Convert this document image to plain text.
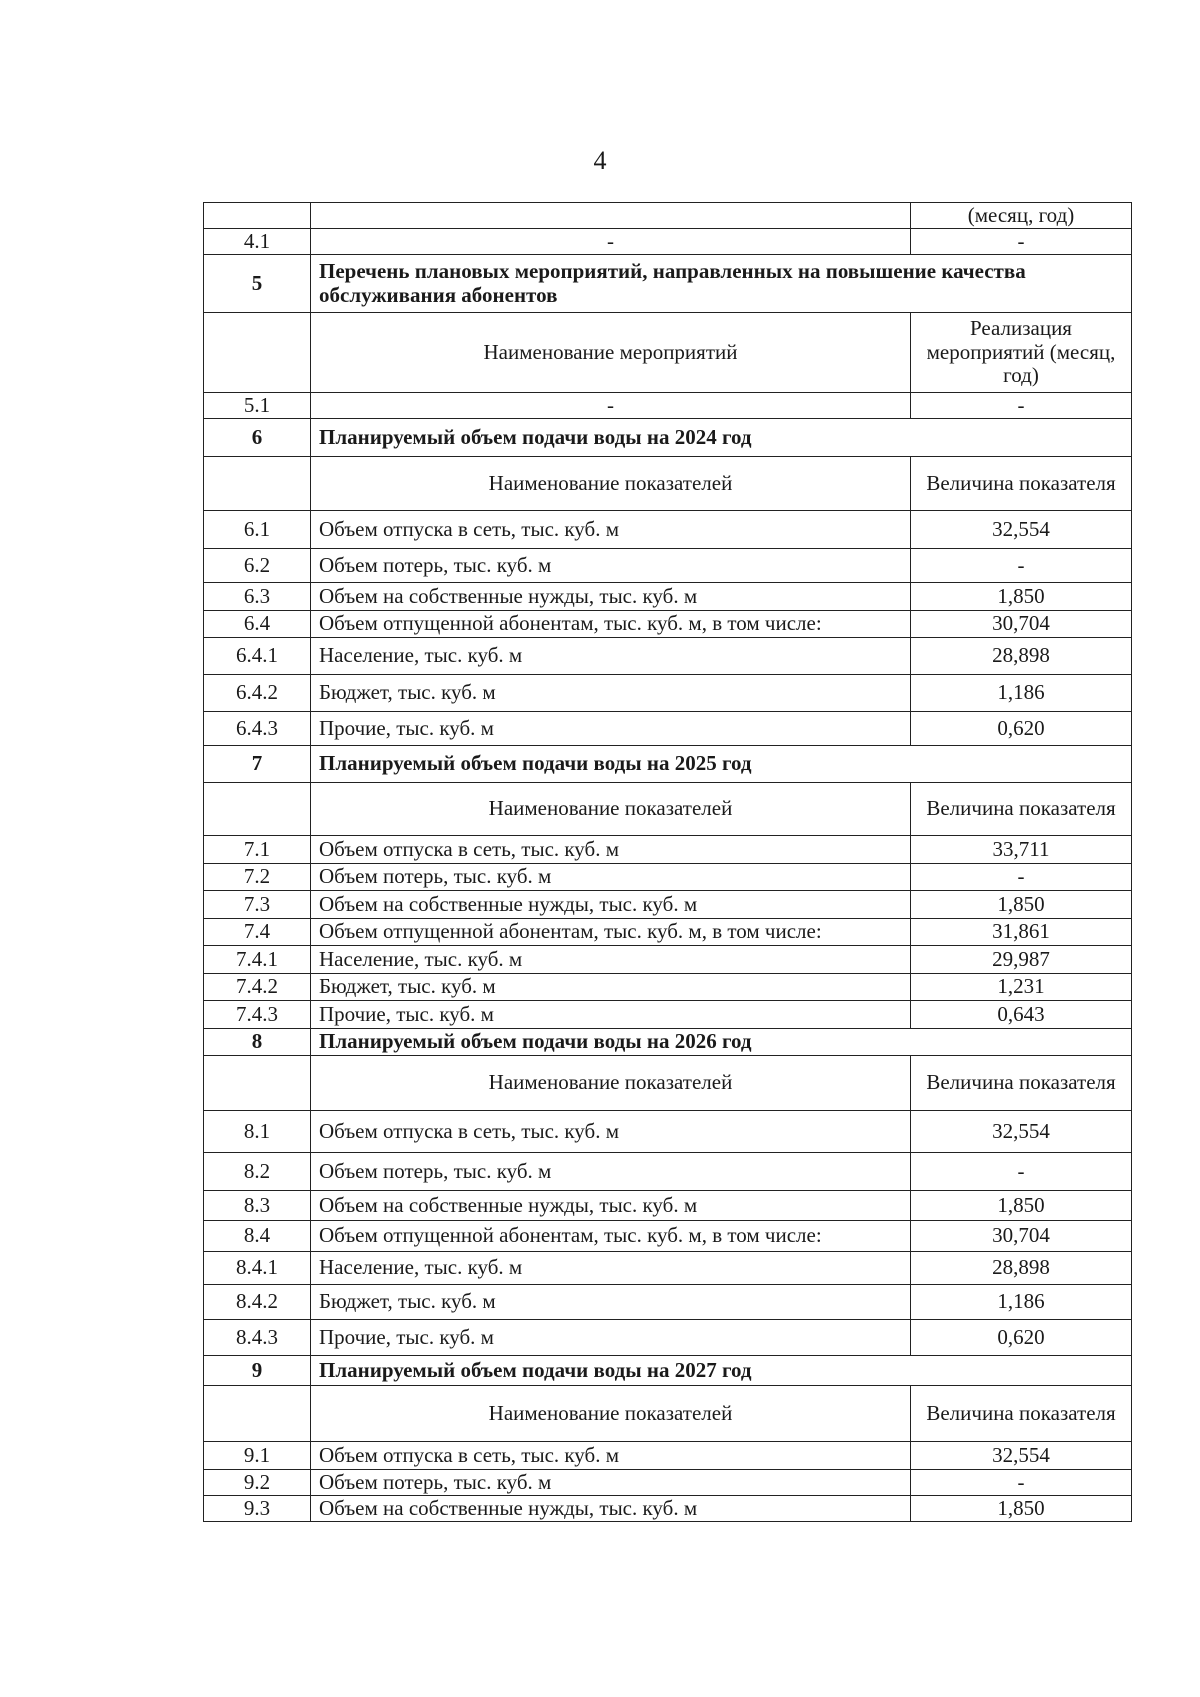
4
		(месяц, год)
4.1	-	-
5	Перечень плановых мероприятий, направленных на повышение качества обслуживания абонентов	
	Наименование мероприятий	Реализация мероприятий (месяц, год)
5.1	-	-
6	Планируемый объем подачи воды на 2024 год	
	Наименование показателей	Величина показателя
6.1	Объем отпуска в сеть, тыс. куб. м	32,554
6.2	Объем потерь, тыс. куб. м	-
6.3	Объем на собственные нужды, тыс. куб. м	1,850
6.4	Объем отпущенной абонентам, тыс. куб. м, в том числе:	30,704
6.4.1	Население, тыс. куб. м	28,898
6.4.2	Бюджет, тыс. куб. м	1,186
6.4.3	Прочие, тыс. куб. м	0,620
7	Планируемый объем подачи воды на 2025 год	
	Наименование показателей	Величина показателя
7.1	Объем отпуска в сеть, тыс. куб. м	33,711
7.2	Объем потерь, тыс. куб. м	-
7.3	Объем на собственные нужды, тыс. куб. м	1,850
7.4	Объем отпущенной абонентам, тыс. куб. м, в том числе:	31,861
7.4.1	Население, тыс. куб. м	29,987
7.4.2	Бюджет, тыс. куб. м	1,231
7.4.3	Прочие, тыс. куб. м	0,643
8	Планируемый объем подачи воды на 2026 год	
	Наименование показателей	Величина показателя
8.1	Объем отпуска в сеть, тыс. куб. м	32,554
8.2	Объем потерь, тыс. куб. м	-
8.3	Объем на собственные нужды, тыс. куб. м	1,850
8.4	Объем отпущенной абонентам, тыс. куб. м, в том числе:	30,704
8.4.1	Население, тыс. куб. м	28,898
8.4.2	Бюджет, тыс. куб. м	1,186
8.4.3	Прочие, тыс. куб. м	0,620
9	Планируемый объем подачи воды на 2027 год	
	Наименование показателей	Величина показателя
9.1	Объем отпуска в сеть, тыс. куб. м	32,554
9.2	Объем потерь, тыс. куб. м	-
9.3	Объем на собственные нужды, тыс. куб. м	1,850
